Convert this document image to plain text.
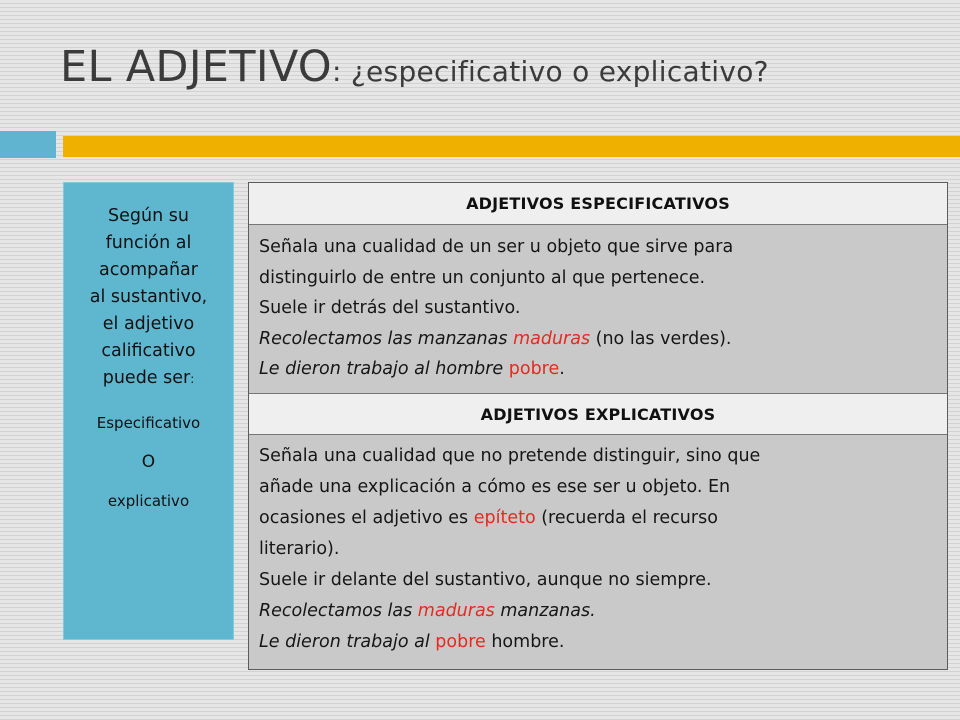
EL ADJETIVO: ¿especificativo o explicativo?

Según su
función al
acompañar
al sustantivo,
el adjetivo
calificativo
puede ser:

Especificativo

O

explicativo

ADJETIVOS ESPECIFICATIVOS

Señala una cualidad de un ser u objeto que sirve para

distinguirlo de entre un conjunto al que pertenece.

Suele ir detrás del sustantivo.

Recolectamos las manzanas maduras (no las verdes).

Le dieron trabajo al hombre pobre.

ADJETIVOS EXPLICATIVOS

Señala una cualidad que no pretende distinguir, sino que

añade una explicación a cómo es ese ser u objeto. En

ocasiones el adjetivo es epíteto (recuerda el recurso

literario).

Suele ir delante del sustantivo, aunque no siempre.

Recolectamos las maduras manzanas.

Le dieron trabajo al pobre hombre.
